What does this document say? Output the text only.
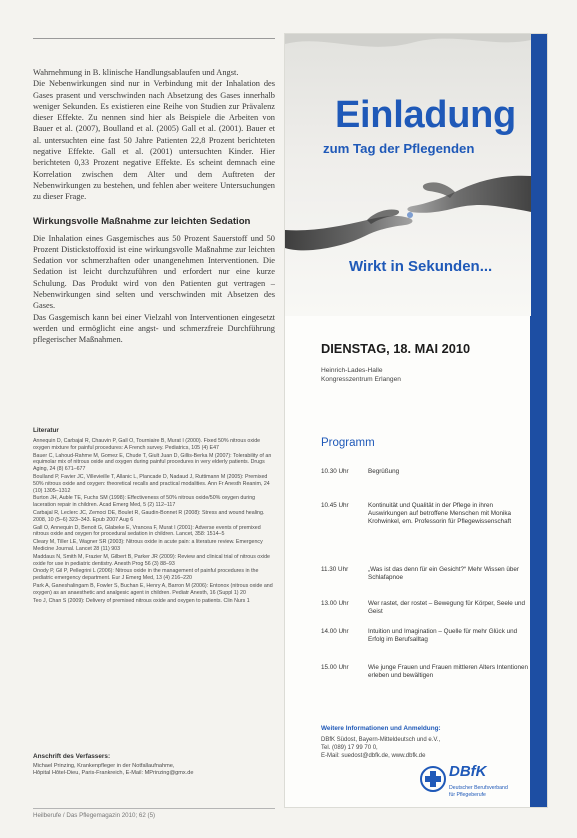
Wahrnehmung in B. klinische Handlungsablaufen und Angst.

Die Nebenwirkungen sind nur in Verbindung mit der Inhalation des Gases prasent und verschwinden nach Absetzung des Gases innerhalb weniger Sekunden. Es existieren eine Reihe von Studien zur Prävalenz dieser Effekte. Zu nennen sind hier als Beispiele die Arbeiten von Bauer et al. (2007), Boulland et al. (2005) Gall et al. (2001). Bauer et al. untersuchten eine fast 50 Jahre Patienten 22,8 Prozent berichteten negative Effekte. Gall et al. (2001) untersuchten Kinder. Hier berichteten 0,33 Prozent negative Effekte. Es scheint demnach eine Korrelation zwischen dem Alter und dem Auftreten der Nebenwirkungen zu bestehen, und fehlen aber weitere Untersuchungen zu dieser Frage.

Wirkungsvolle Maßnahme zur leichten Sedation

Die Inhalation eines Gasgemisches aus 50 Prozent Sauerstoff und 50 Prozent Distickstoffoxid ist eine wirkungsvolle Maßnahme zur leichten Sedation vor schmerzhaften oder unangenehmen Interventionen. Die Sedation ist leicht durchzuführen und erfordert nur eine kurze Schulung. Das Produkt wird von den Patienten gut vertragen – Nebenwirkungen sind selten und verschwinden mit Absetzen des Gases.

Das Gasgemisch kann bei einer Vielzahl von Interventionen eingesetzt werden und ermöglicht eine angst- und schmerzfreie Durchführung pflegerischer Maßnahmen.

Literatur
Annequin D, Carbajal R, Chauvin P, Gall O, Tourniaire B, Murat I (2000). Fixed 50% nitrous oxide oxygen mixture for painful procedures: A French survey. Pediatrics, 105 (4) E47
Bauer C, Lahoud-Rahme M, Gomez E, Chude T, Giult Juan D, Gillis-Berka M (2007): Tolerability of an equimolar mix of nitrous oxide and oxygen during painful procedures in very elderly patients. Drugs Aging, 24 (8) 671–677
Boulland P, Favier JC, Villevieille T, Allanic L, Plancade D, Nadaud J, Ruttimann M (2005): Premixed 50% nitrous oxide and oxygen: theoretical recalls and practical modalities. Ann Fr Anesth Reanim, 24 (10) 1305–1312
Burton JH, Auble TE, Fuchs SM (1998): Effectiveness of 50% nitrous oxide/50% oxygen during laceration repair in children. Acad Emerg Med, 5 (2) 112–117
Carbajal R, Leclerc JC, Zemoci DE, Boulet R, Gaudin-Bonnet R (2008): Stress and wound healing. 2008, 10 (5–6) 323–343. Epub 2007 Aug 6
Gall O, Annequin D, Benoit G, Glabeke E, Vrancea F, Murat I (2001): Adverse events of premixed nitrous oxide and oxygen for procedural sedation in children. Lancet, 358: 1514–5
Cleary M, Tiller LE, Wagner SR (2003): Nitrous oxide in acute pain: a literature review. Emergency Medicine Journal. Lancet 28 (11) 903
Maddaus N, Smith M, Frazier M, Gilbert B, Parker JR (2009): Review and clinical trial of nitrous oxide oxide for use in pediatric dentistry. Anesth Prog 56 (3) 88–93
Onody P, Gil P, Pellegrini L (2006): Nitrous oxide in the management of painful procedures in the pediatric emergency department. Eur J Emerg Med, 13 (4) 216–220
Park A, Ganeshalingam B, Fowler S, Buchan E, Henry A, Barron M (2006): Entonox (nitrous oxide and oxygen) as an anaesthetic and analgesic agent in children. Pediatr Anesth, 16 (Suppl 1) 20
Teo J, Chan S (2009): Delivery of premixed nitrous oxide and oxygen to patients. Clin Nurs 1
Anschrift des Verfassers:
Michael Prinzing, Krankenpfleger in der Notfallaufnahme,
Hôpital Hôtel-Dieu, Paris-Frankreich, E-Mail: MPrinzing@gmx.de
Heilberufe / Das Pflegemagazin 2010; 62 (5)
Einladung
zum Tag der Pflegenden
Wirkt in Sekunden...
DIENSTAG, 18. MAI 2010
Heinrich-Lades-Halle
Kongresszentrum Erlangen
Programm
10.30 Uhr	Begrüßung
10.45 Uhr	Kontinuität und Qualität in der Pflege in ihren Auswirkungen auf betroffene Menschen mit Monika Krohwinkel, em. Professorin für Pflegewissenschaft
11.30 Uhr	„Was ist das denn für ein Gesicht?“ Mehr Wissen über Schlafapnoe
13.00 Uhr	Wer rastet, der rostet – Bewegung für Körper, Seele und Geist
14.00 Uhr	Intuition und Imagination – Quelle für mehr Glück und Erfolg im Berufsalltag
15.00 Uhr	Wie junge Frauen und Frauen mittleren Alters Intentionen erleben und bewältigen
Weitere Informationen und Anmeldung:
DBfK Südost, Bayern-Mitteldeutsch und e.V.,
Tel. (089) 17 99 70 0,
E-Mail: suedost@dbfk.de, www.dbfk.de
DBfK
Deutscher Berufsverband
für Pflegeberufe
